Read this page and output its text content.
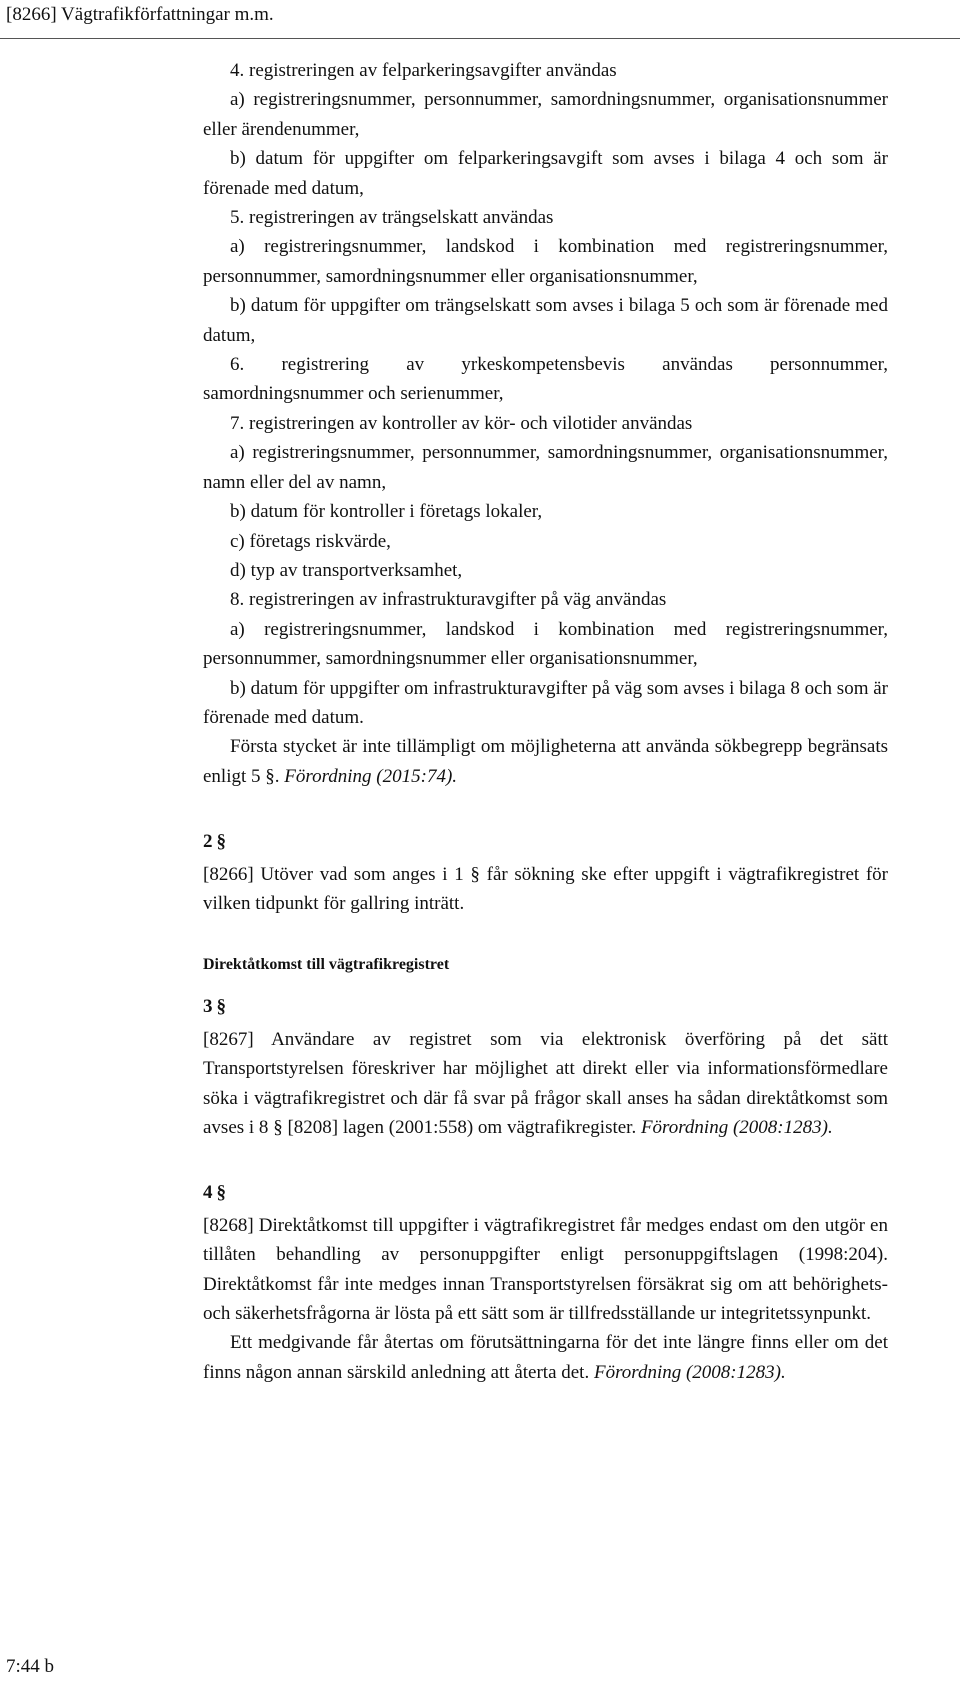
[8266] Vägtrafikförfattningar m.m.

4. registreringen av felparkeringsavgifter användas

a) registreringsnummer, personnummer, samordningsnummer, organisationsnummer eller ärendenummer,

b) datum för uppgifter om felparkeringsavgift som avses i bilaga 4 och som är förenade med datum,

5. registreringen av trängselskatt användas

a) registreringsnummer, landskod i kombination med registreringsnummer, personnummer, samordningsnummer eller organisationsnummer,

b) datum för uppgifter om trängselskatt som avses i bilaga 5 och som är förenade med datum,

6. registrering av yrkeskompetensbevis användas personnummer, samordningsnummer och serienummer,

7. registreringen av kontroller av kör- och vilotider användas

a) registreringsnummer, personnummer, samordningsnummer, organisationsnummer, namn eller del av namn,

b) datum för kontroller i företags lokaler,

c) företags riskvärde,

d) typ av transportverksamhet,

8. registreringen av infrastrukturavgifter på väg användas

a) registreringsnummer, landskod i kombination med registreringsnummer, personnummer, samordningsnummer eller organisationsnummer,

b) datum för uppgifter om infrastrukturavgifter på väg som avses i bilaga 8 och som är förenade med datum.

Första stycket är inte tillämpligt om möjligheterna att använda sökbegrepp begränsats enligt 5 §. Förordning (2015:74).

2 §

[8266] Utöver vad som anges i 1 § får sökning ske efter uppgift i vägtrafikregistret för vilken tidpunkt för gallring inträtt.

Direktåtkomst till vägtrafikregistret

3 §

[8267] Användare av registret som via elektronisk överföring på det sätt Transportstyrelsen föreskriver har möjlighet att direkt eller via informationsförmedlare söka i vägtrafikregistret och där få svar på frågor skall anses ha sådan direktåtkomst som avses i 8 § [8208] lagen (2001:558) om vägtrafikregister. Förordning (2008:1283).

4 §

[8268] Direktåtkomst till uppgifter i vägtrafikregistret får medges endast om den utgör en tillåten behandling av personuppgifter enligt personuppgiftslagen (1998:204). Direktåtkomst får inte medges innan Transportstyrelsen försäkrat sig om att behörighets- och säkerhetsfrågorna är lösta på ett sätt som är tillfredsställande ur integritetssynpunkt.

Ett medgivande får återtas om förutsättningarna för det inte längre finns eller om det finns någon annan särskild anledning att återta det. Förordning (2008:1283).

7:44 b
